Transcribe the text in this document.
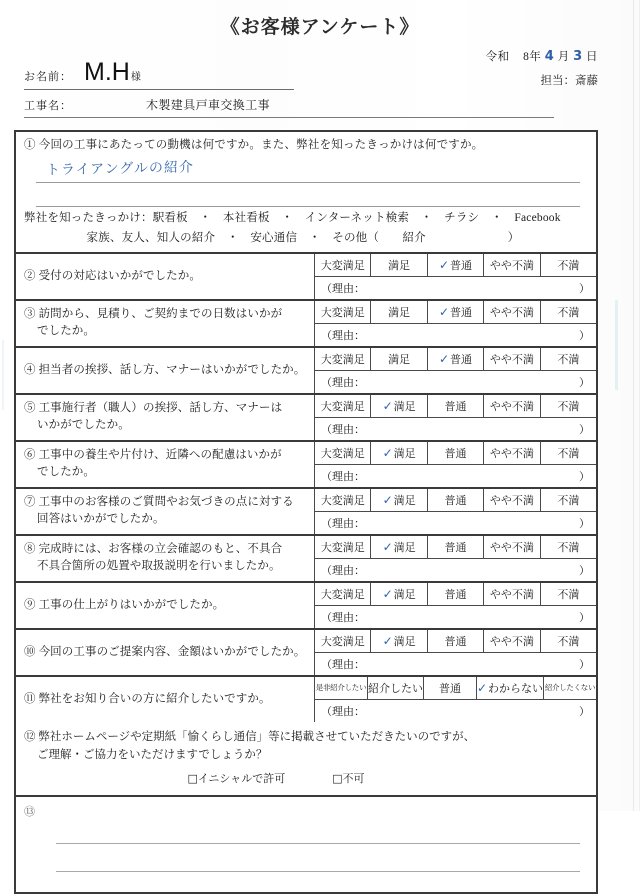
《お客様アンケート》
令和 8年 4 月 3 日
担当：斎藤
お名前： M.H 様
工事名：	木製建具戸車交換工事
① 今回の工事にあたっての動機は何ですか。また、弊社を知ったきっかけは何ですか。
トライアングルの紹介
弊社を知ったきっかけ：駅看板　・　本社看板　・　インターネット検索　・　チラシ　・　Facebook
家族、友人、知人の紹介　・　安心通信　・　その他（　　紹介　　　　　　　）
② 受付の対応はいかがでしたか。
大変満足 満足 ✓ 普通 やや不満 不満
（理由：	）
③ 訪問から、見積り、ご契約までの日数はいかが
でしたか。
大変満足 満足 ✓ 普通 やや不満 不満
（理由：	）
④ 担当者の挨拶、話し方、マナーはいかがでしたか。
大変満足 満足 ✓ 普通 やや不満 不満
（理由：	）
⑤ 工事施行者（職人）の挨拶、話し方、マナーは
いかがでしたか。
大変満足 ✓ 満足	普通 やや不満 不満
（理由：	）
⑥ 工事中の養生や片付け、近隣への配慮はいかが
でしたか。
大変満足 ✓ 満足	普通 やや不満 不満
（理由：	）
⑦ 工事中のお客様のご質問やお気づきの点に対する
回答はいかがでしたか。
大変満足 ✓ 満足	普通 やや不満 不満
（理由：	）
⑧ 完成時には、お客様の立会確認のもと、不具合
不具合箇所の処置や取扱説明を行いましたか。
大変満足 ✓ 満足	普通 やや不満 不満
（理由：	）
⑨ 工事の仕上がりはいかがでしたか。
大変満足 ✓ 満足	普通 やや不満 不満
（理由：	）
⑩ 今回の工事のご提案内容、金額はいかがでしたか。
大変満足 ✓ 満足	普通 やや不満 不満
（理由：	）
⑪ 弊社をお知り合いの方に紹介したいですか。
是非紹介したい 紹介したい 普通 ✓ わからない 紹介したくない
（理由：	）
⑫ 弊社ホームページや定期紙「愉くらし通信」等に掲載させていただきたいのですが、
ご理解・ご協力をいただけますでしょうか？
□イニシャルで許可	□不可
⑬
